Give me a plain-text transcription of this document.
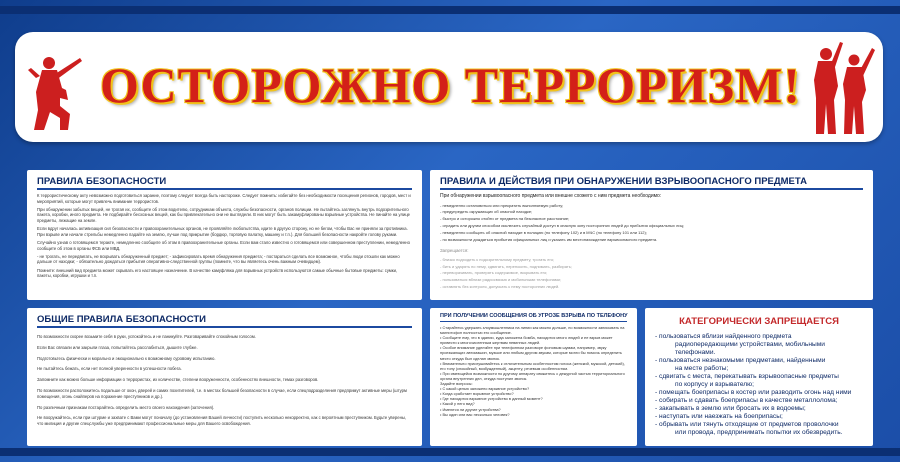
ОСТОРОЖНО ТЕРРОРИЗМ!
ПРАВИЛА БЕЗОПАСНОСТИ

К террористическому акту невозможно подготовиться зарание, поэтому следует всегда быть настороже. Следует помнить: избегайте без необходимости посещения регионов, городов, мест и мероприятий, которые могут привлечь внимание террористов.

При обнаружении забытых вещей, не трогая их, сообщите об этом водителю, сотрудникам объекта, службы безопасности, органов полиции. Не пытайтесь заглянуть внутрь подозрительного пакета, коробки, иного предмета. Не подбирайте бесхозных вещей, как бы привлекательно они не выглядели. В них могут быть закамуфлированы взрывные устройства. Не пинайте на улице предметы, лежащие на земле.

Если вдруг началась активизация сил безопасности и правоохранительных органов, не проявляйте любопытства, идите в другую сторону, но не бегом, чтобы Вас не приняли за противника. При взрыве или начале стрельбы немедленно падайте на землю, лучше под прикрытие (бордюр, торговую палатку, машину и т.п.). Для большей безопасности накройте голову руками.

Случайно узнав о готовящемся теракте, немедленно сообщите об этом в правоохранительные органы. Если вам стало известно о готовящемся или совершенном преступлении, немедленно сообщите об этом в органы ФСБ или МВД.

- не трогать, не передвигать, не вскрывать обнаруженный предмет; - зафиксировать время обнаружения предмета; - постараться сделать все возможное, чтобы люди отошли как можно дальше от находки; - обязательно дождаться прибытия оперативно-следственной группы (помните, что вы являетесь очень важным очевидцем).

Помните: внешний вид предмета может скрывать его настоящее назначение. В качестве камуфляжа для взрывных устройств используются самые обычные бытовые предметы: сумки, пакеты, коробки, игрушки и т.п.

ОБЩИЕ ПРАВИЛА БЕЗОПАСНОСТИ

По возможности скорее возьмите себя в руки, успокойтесь и не паникуйте. Разговаривайте спокойным голосом.

Если Вас связали или закрыли глаза, попытайтесь расслабиться, дышите глубже.

Подготовьтесь физически и морально и эмоционально к возможному суровому испытанию.

Не пытайтесь бежать, если нет полной уверенности в успешности побега.

Запомните как можно больше информации о террористах, их количестве, степени вооруженности, особенностях внешности, темах разговоров.

По возможности расположитесь подальше от окон, дверей и самих похитителей, т.е. в местах большей безопасности в случае, если спецподразделения предпримут активные меры (штурм помещения, огонь снайперов на поражение преступников и др.).

По различным признакам постарайтесь определить место своего нахождения (заточения).

Не вооружайтесь, если при штурме и захвате с Вами могут поначалу (до установления Вашей личности) поступить несколько некорректно, как с вероятным преступником. Будьте уверены, что милиция и другие спецслужбы уже предпринимают профессиональные меры для Вашего освобождения.

ПРАВИЛА И ДЕЙСТВИЯ ПРИ ОБНАРУЖЕНИИ ВЗРЫВООПАСНОГО ПРЕДМЕТА
При обнаружении взрывоопасного предмета или внешне схожего с ним предмета необходимо:
- немедленно остановиться или прекратить выполняемую работу;
- предупредить окружающих об опасной находке;
- быстро и осторожно отойти от предмета на безопасное расстояние;
- оградить или другим способом исключить случайный доступ в опасную зону посторонних людей до прибытия официальных лиц;
- немедленно сообщить об опасной находке в полицию (по телефону 102) и в МЧС (по телефону 101 или 112);
- по возможности дождаться прибытия официальных лиц и указать им местонахождение взрывоопасного предмета.
Запрещается:
- близко подходить к подозрительному предмету, трогать его;
- бить и ударять по нему, сдвигать, переносить, поднимать, разбирать;
- переворачивать, проверять содержимое, вскрывать его;
- пользоваться вблизи радиосвязью и мобильными телефонами;
- оставлять без контроля, допускать к нему посторонних людей.
ПРИ ПОЛУЧЕНИИ СООБЩЕНИЯ ОБ УГРОЗЕ ВЗРЫВА ПО ТЕЛЕФОНУ
• Старайтесь удержать злоумышленника на линии как можно дольше, по возможности записывать на магнитофон полностью его сообщение.
• Сообщите ему, что в здании, куда заложена бомба, находится много людей и ее взрыв может привести к многочисленным жертвам невинных людей.
• Особое внимание уделяйте при телефонном разговоре фоновым шумам, например, звуку проезжающих автомашин, музыке или любым другим звукам, которые могли бы помочь определить место откуда был сделан звонок.
• Внимательно прислушивайтесь к отличительным особенностям голоса (женский, мужской, детский), его тону (спокойный, возбужденный), акценту, речевым особенностям.
• При имеющейся возможности по другому аппарату свяжитесь с дежурной частью территориального органа внутренних дел, откуда поступил звонок.
Задайте вопросы:
• С какой целью заложено взрывное устройство?
• Когда сработает взрывное устройство?
• Где находится взрывное устройство в данный момент?
• Какой у него вид?
• Имеются ли другие устройства?
• Вы один или вас несколько человек?
КАТЕГОРИЧЕСКИ ЗАПРЕЩАЕТСЯ
- пользоваться вблизи найденного предмета
радиопередающими устройствами, мобильными телефонами.
- пользоваться незнакомыми предметами, найденными
на месте работы;
- сдвигать с места, перекатывать взрывоопасные предметы
по корпусу и взрывателю;
- помещать боеприпасы в костер или разводить огонь над ними
- собирать и сдавать боеприпасы в качестве металлолома;
- закапывать в землю или бросать их в водоемы;
- наступать или наезжать на боеприпасы;
- обрывать или тянуть отходящие от предметов проволочки
или провода, предпринимать попытки их обезвредить.
